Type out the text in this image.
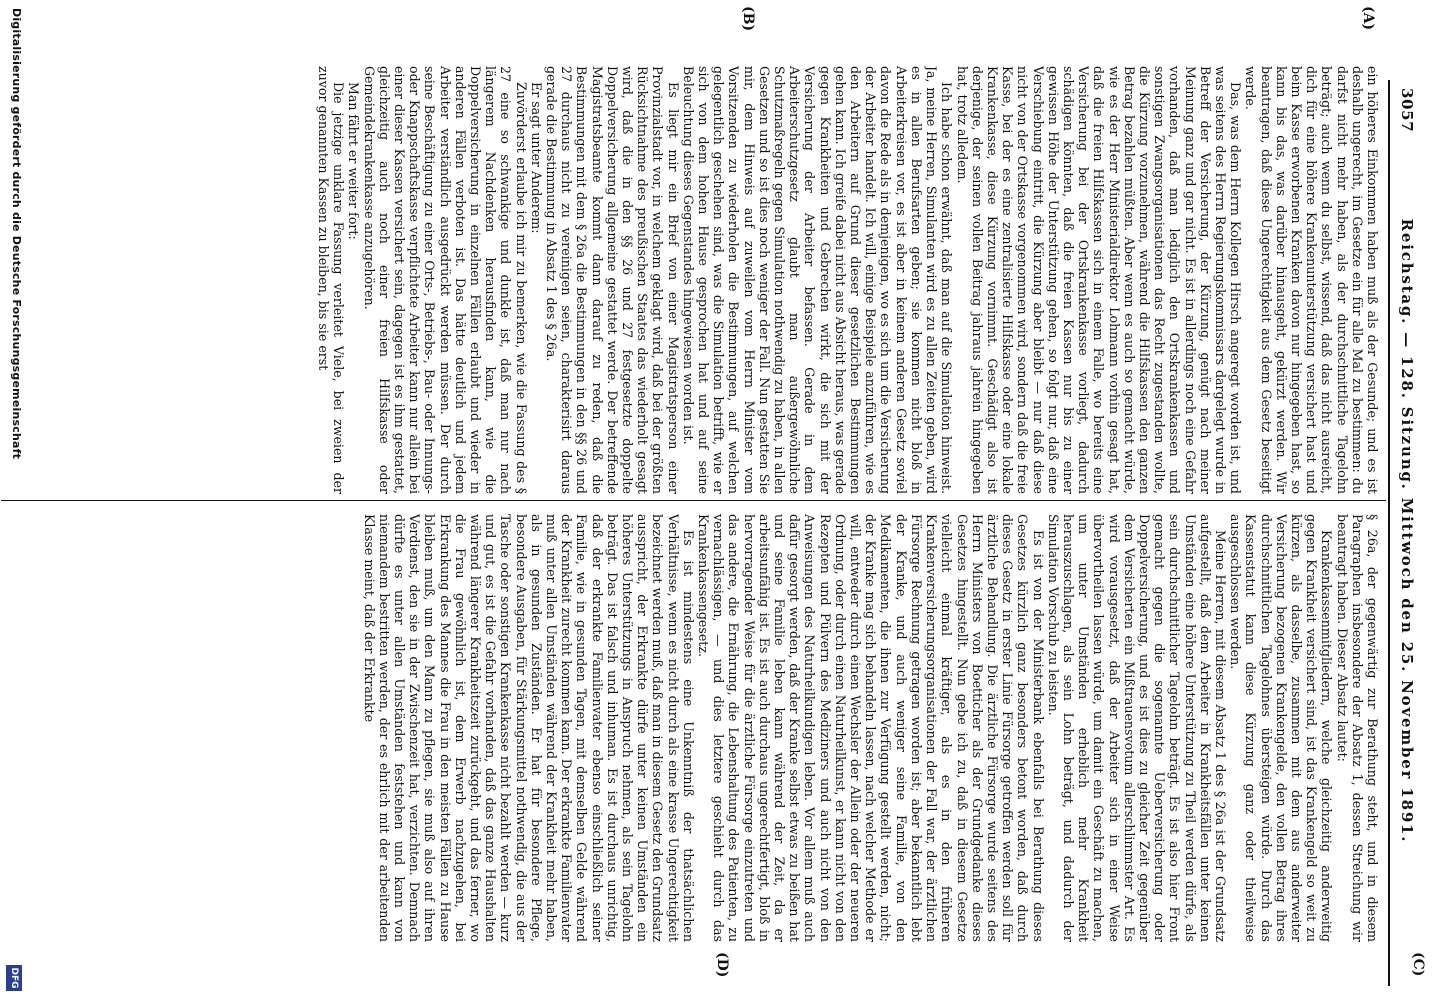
3057
Reichstag. — 128. Sitzung. Mittwoch den 25. November 1891.
(C)
(D)
(A)
(B)

ein höheres Einkommen haben muß als der Gesunde; und es ist deshalb ungerecht, im Gesetze ein für alle Mal zu bestimmen: du darfst nicht mehr haben, als der durchschnittliche Tagelohn beträgt; auch wenn du selbst, wissend, daß das nicht ausreicht, dich für eine höhere Krankenunterstützung versichert hast und beim Kasse erworbenen Kranken davon nur hingegeben hast, so kann bis das, was darüber hinausgeht, gekürzt werden. Wir beantragen, daß diese Ungerechtigkeit aus dem Gesetz beseitigt werde.

Das, was dem Herrn Kollegen Hirsch angeregt worden ist, und was seitens des Herrn Regierungskommissars dargelegt wurde in Betreff der Versicherung, der Kürzung, genügt nach meiner Meinung ganz und gar nicht. Es ist in allerdings noch eine Gefahr vorhanden, daß man lediglich den Ortskrankenkassen und sonstigen Zwangsorganisationen das Recht zugestanden wollte, die Kürzung vorzunehmen, während die Hilfskassen den ganzen Betrag bezahlen müßten. Aber wenn es auch so gemacht würde, wie es der Herr Ministerialdirektor Lohmann vorhin gesagt hat, daß die freien Hilfskassen sich in einem Falle, wo bereits eine Versicherung bei der Ortskrankenkasse vorliegt, dadurch schädigen könnten, daß die freien Kassen nur bis zu einer gewissen Höhe der Unterstützung gehen, so folgt nur, daß eine Verschiebung eintritt, die Kürzung aber bleibt — nur daß diese nicht von der Ortskasse vorgenommen wird, sondern daß die freie Kasse, bei der es eine zentralisierte Hilfskasse oder eine lokale Krankenkasse, diese Kürzung vornimmt. Geschädigt also ist derjenige, der seinen vollen Beitrag jahraus jahrein hingegeben hat, trotz alledem.

Ich habe schon erwähnt, daß man auf die Simulation hinweist. Ja, meine Herren, Simulanten wird es zu allen Zeiten geben, wird es in allen Berufsarten geben; sie kommen nicht bloß in Arbeiterkreisen vor, es ist aber in keinem anderen Gesetz soviel davon die Rede als in demjenigen, wo es sich um die Versicherung der Arbeiter handelt. Ich will, einige Beispiele anzuführen, wie es den Arbeitern auf Grund dieser gesetzlichen Bestimmungen gehen kann. Ich greife dabei nicht aus Absicht heraus, was gerade gegen Krankheiten und Gebrechen wirkt, die sich mit der Versicherung der Arbeiter befassen. Gerade in dem Arbeiterschutzgesetz glaubt man außergewöhnliche Schutzmaßregeln gegen Simulation nothwendig zu haben, in allen Gesetzen und so ist dies noch weniger der Fall. Nun gestatten Sie mir, dem Hinweis auf zuweilen vom Herrn Minister vom Vorsitzenden zu wiederholen die Bestimmungen, auf welchen gelegentlich geschehen sind, was die Simulation betrifft, wie er sich von dem hohen Hause gesprochen hat und auf seine Beleuchtung dieses Gegenstandes hingewiesen worden ist.

Es liegt mir ein Brief von einer Magistratsperson einer Provinzialstadt vor, in welchem geklagt wird, daß bei der größten Rücksichtnahme des preußischen Staates das wiederholt gesagt wird, daß die in den §§ 26 und 27 festgesetzte doppelte Doppelversicherung allgemeine gestattet werde. Der betreffende Magistratsbeamte kommt dann darauf zu reden, daß die Bestimmungen mit dem § 26a die Bestimmungen in den §§ 26 und 27 durchaus nicht zu vereinigen seien, charakterisirt daraus gerade die Bestimmung in Absatz 1 des § 26a.

Er sagt unter Anderem:

Zuvörderst erlaube ich mir zu bemerken, wie die Fassung des § 27 eine so schwankige und dunkle ist, daß man nur nach längerem Nachdenken herausfinden kann, wie die Doppelversicherung in einzelnen Fällen erlaubt und wieder in anderen Fällen verboten ist. Das hätte deutlich und jedem Arbeiter verständlich ausgedrückt werden müssen. Der durch seine Beschäftigung zu einer Orts-, Betriebs-, Bau- oder Innungs- oder Knappschaftskasse verpflichtete Arbeiter kann nur allein bei einer dieser Kassen versichert sein, dagegen ist es ihm gestattet, gleichzeitig auch noch einer freien Hilfskasse oder Gemeindekrankenkasse anzugehören.

Man fährt er weiter fort:

Die jetzige unklare Fassung verleitet Viele, bei zweien der zuvor genannten Kassen zu bleiben, bis sie erst

§ 26a, der gegenwärtig zur Berathung steht, und in diesem Paragraphen insbesondere der Absatz 1, dessen Streichung wir beantragt haben. Dieser Absatz lautet:

Krankenkassenmitgliedern, welche gleichzeitig anderweitig gegen Krankheit versichert sind, ist das Krankengeld so weit zu kürzen, als dasselbe, zusammen mit dem aus anderweiter Versicherung bezogenen Krankengelde, den vollen Betrag ihres durchschnittlichen Tagelohnes übersteigen würde. Durch das Kassenstatut kann diese Kürzung ganz oder theilweise ausgeschlossen werden.

Meine Herren, mit diesem Absatz 1 des § 26a ist der Grundsatz aufgestellt, daß dem Arbeiter in Krankheitsfällen unter keinen Umständen eine höhere Unterstützung zu Theil werden dürfe, als sein durchschnittlicher Tagelohn beträgt. Es ist also hier Front gemacht gegen die sogenannte Ueberversicherung oder Doppelversicherung, und es ist dies zu gleicher Zeit gegenüber dem Versicherten ein Mißtrauensvotum allerschlimmster Art. Es wird vorausgesetzt, daß der Arbeiter sich in einer Weise übervortheilen lassen würde, um damit ein Geschäft zu machen, um unter Umständen erheblich mehr Krankheit herauszuschlagen, als sein Lohn beträgt, und dadurch der Simulation Vorschub zu leisten.

Es ist von der Ministerbank ebenfalls bei Berathung dieses Gesetzes kürzlich ganz besonders betont worden, daß durch dieses Gesetz in erster Linie Fürsorge getroffen werden soll für ärztliche Behandlung. Die ärztliche Fürsorge wurde seitens des Herrn Ministers von Boetticher als der Grundgedanke dieses Gesetzes hingestellt. Nun gebe ich zu, daß in diesem Gesetze vielleicht einmal kräftiger, als es in den früheren Krankenversicherungsorganisationen der Fall war, der ärztlichen Fürsorge Rechnung getragen worden ist; aber bekanntlich lebt der Kranke, und auch weniger seine Familie, von den Medikamenten, die ihnen zur Verfügung gestellt werden, nicht; der Kranke mag sich behandeln lassen, nach welcher Methode er will, entweder durch einen Wechsler der Allein oder der neueren Ordnung, oder durch einen Naturheilkunst, er kann nicht von den Rezepten und Pülvern des Mediziners und auch nicht von den Anweisungen des Naturheilkundigen leben. Vor allem muß auch dafür gesorgt werden, daß der Kranke selbst etwas zu beißen hat und seine Familie leben kann während der Zeit, da er arbeitsunfähig ist. Es ist auch durchaus ungerechtfertigt, bloß in hervorragender Weise für die ärztliche Fürsorge einzutreten und das andere, die Ernährung, die Lebenshaltung des Patienten, zu vernachlässigen, — und dies letztere geschieht durch das Krankenkassengesetz.

Es ist mindestens eine Unkenntniß der thatsächlichen Verhältnisse, wenn es nicht durch als eine krasse Ungerechtigkeit bezeichnet werden muß, daß man in diesem Gesetz den Grundsatz ausspricht, der Erkrankte dürfe unter keinen Umständen ein höheres Unterstützungs in Anspruch nehmen, als sein Tagelohn beträgt. Das ist falsch und inhuman. Es ist durchaus unrichtig, daß der erkrankte Familienvater ebenso einschließlich seiner Familie, wie in gesunden Tagen, mit demselben Gelde während der Krankheit zurecht kommen kann. Der erkrankte Familienvater muß unter allen Umständen während der Krankheit mehr haben, als in gesunden Zuständen. Er hat für besondere Pflege, besondere Ausgaben, für Stärkungsmittel nothwendig, die aus der Tasche oder sonstigen Krankenkasse nicht bezahlt werden — kurz und gut, es ist die Gefahr vorhanden, daß das ganze Haushalten während längerer Krankheitszeit zurückgeht, und das ferner, wo die Frau gewöhnlich ist, dem Erwerb nachzugehen, bei Erkrankung des Mannes die Frau in den meisten Fällen zu Hause bleiben muß, um den Mann zu pflegen, sie muß also auf ihren Verdienst, den sie in der Zwischenzeit hat, verzichten. Demnach dürfte es unter allen Umständen feststehen und kann von niemandem bestritten werden, der es ehrlich mit der arbeitenden Klasse meint, daß der Erkrankte

Digitalisierung gefördert durch die Deutsche Forschungsgemeinschaft
DFG
